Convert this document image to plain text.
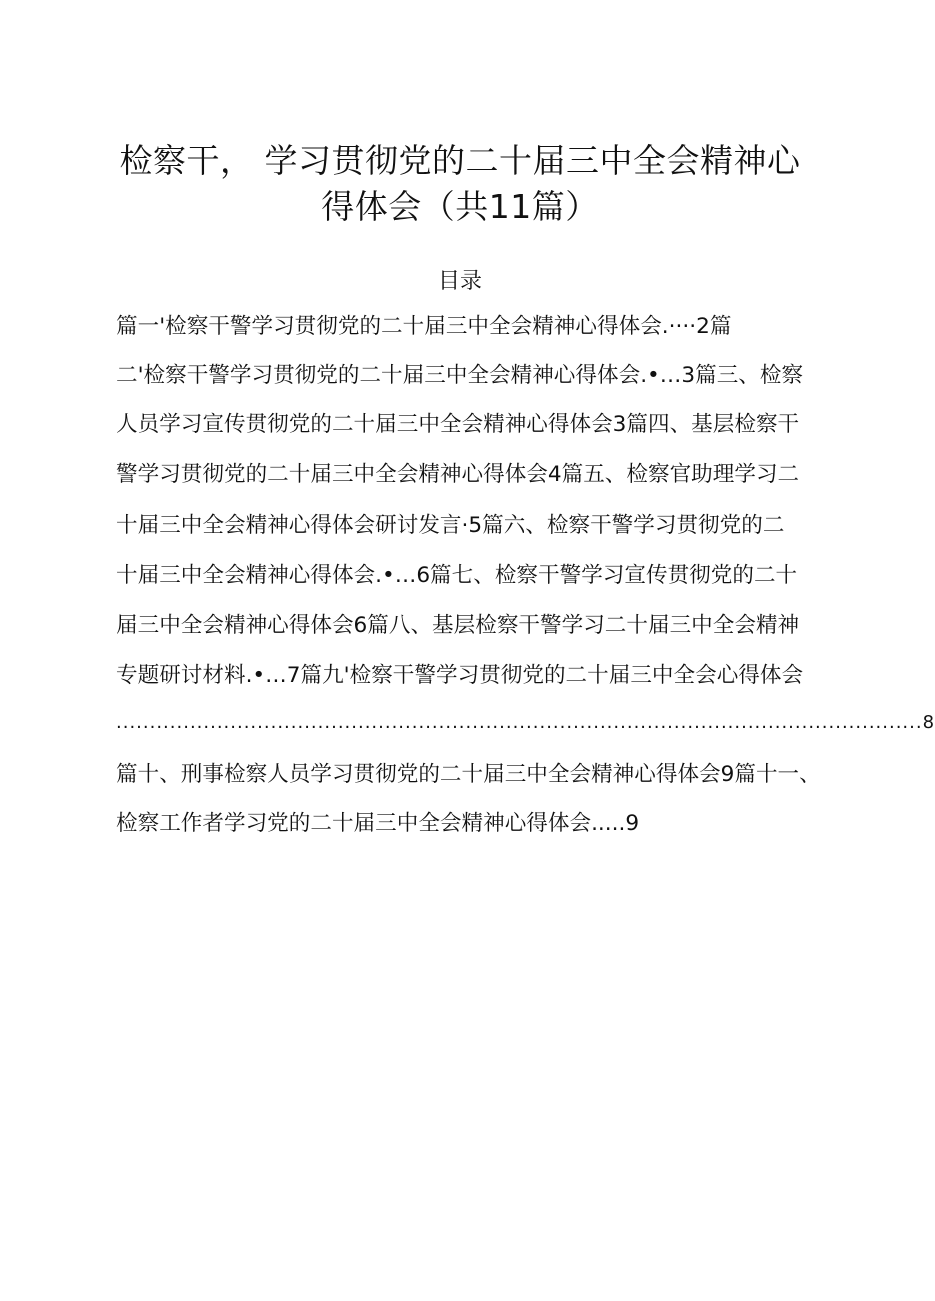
检察干， 学习贯彻党的二十届三中全会精神心
得体会（共11篇）
目录
篇一'检察干警学习贯彻党的二十届三中全会精神心得体会.····2篇
二'检察干警学习贯彻党的二十届三中全会精神心得体会.•…3篇三、检察
人员学习宣传贯彻党的二十届三中全会精神心得体会3篇四、基层检察干
警学习贯彻党的二十届三中全会精神心得体会4篇五、检察官助理学习二
十届三中全会精神心得体会研讨发言·5篇六、检察干警学习贯彻党的二
十届三中全会精神心得体会.•…6篇七、检察干警学习宣传贯彻党的二十
届三中全会精神心得体会6篇八、基层检察干警学习二十届三中全会精神
专题研讨材料.•…7篇九'检察干警学习贯彻党的二十届三中全会心得体会
........................................................................................................................8
篇十、刑事检察人员学习贯彻党的二十届三中全会精神心得体会9篇十一、
检察工作者学习党的二十届三中全会精神心得体会.....9
